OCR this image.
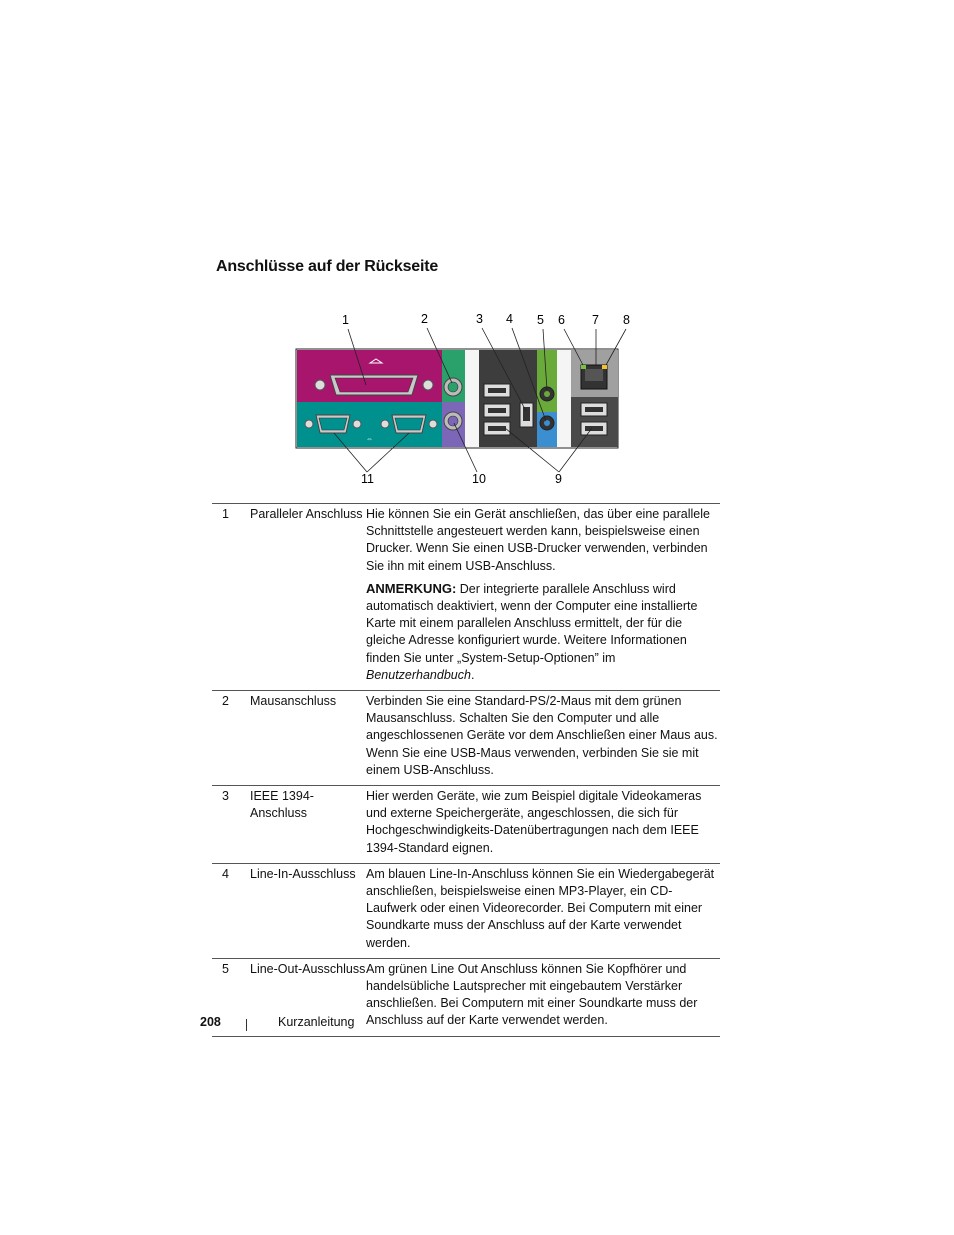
Anschlüsse auf der Rückseite
1	2	3 4 5 6 7 8
⇔
11	10	9
1	Paralleler Anschluss	Hie können Sie ein Gerät anschließen, das über eine parallele Schnittstelle angesteuert werden kann, beispielsweise einen Drucker. Wenn Sie einen USB-Drucker verwenden, verbinden Sie ihn mit einem USB-Anschluss.
ANMERKUNG: Der integrierte parallele Anschluss wird automatisch deaktiviert, wenn der Computer eine installierte Karte mit einem parallelen Anschluss ermittelt, der für die gleiche Adresse konfiguriert wurde. Weitere Informationen finden Sie unter „System-Setup-Optionen” im Benutzerhandbuch.

2	Mausanschluss	Verbinden Sie eine Standard-PS/2-Maus mit dem grünen Mausanschluss. Schalten Sie den Computer und alle angeschlossenen Geräte vor dem Anschließen einer Maus aus. Wenn Sie eine USB-Maus verwenden, verbinden Sie sie mit einem USB-Anschluss.

3	IEEE 1394-Anschluss	Hier werden Geräte, wie zum Beispiel digitale Videokameras und externe Speichergeräte, angeschlossen, die sich für Hochgeschwindigkeits-Datenübertragungen nach dem IEEE 1394-Standard eignen.

4	Line-In-Ausschluss	Am blauen Line-In-Anschluss können Sie ein Wiedergabegerät anschließen, beispielsweise einen MP3-Player, ein CD-Laufwerk oder einen Videorecorder. Bei Computern mit einer Soundkarte muss der Anschluss auf der Karte verwendet werden.

5	Line-Out-Ausschluss	Am grünen Line Out Anschluss können Sie Kopfhörer und handelsübliche Lautsprecher mit eingebautem Verstärker anschließen. Bei Computern mit einer Soundkarte muss der Anschluss auf der Karte verwendet werden.
208	Kurzanleitung
